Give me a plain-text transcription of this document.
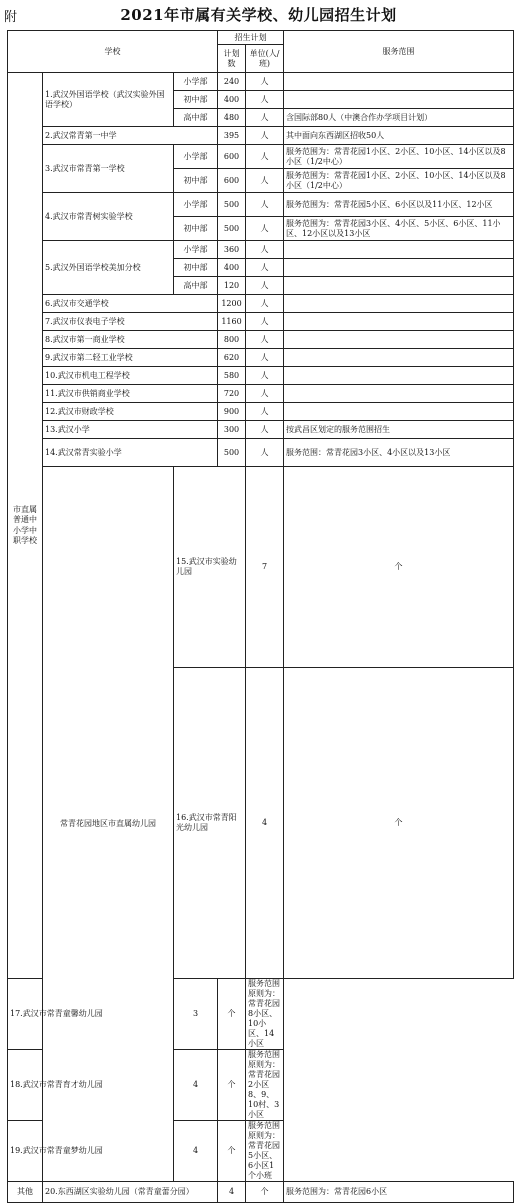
附	2021年市属有关学校、幼儿园招生计划
学校			招生计划		服务范围	
			计划数	单位(人/班)		
市直属普通中小学中职学校	1.武汉外国语学校（武汉实验外国语学校）	小学部	240	人		
		初中部	400	人		
		高中部	480	人	含国际部80人（中澳合作办学项目计划）	
	2.武汉常青第一中学		395	人	其中面向东西湖区招收50人	
	3.武汉市常青第一学校	小学部	600	人	服务范围为：常青花园1小区、2小区、10小区、14小区以及8小区（1/2中心）	
		初中部	600	人	服务范围为：常青花园1小区、2小区、10小区、14小区以及8小区（1/2中心）	
	4.武汉市常青树实验学校	小学部	500	人	服务范围为：常青花园5小区、6小区以及11小区、12小区	
		初中部	500	人	服务范围为：常青花园3小区、4小区、5小区、6小区、11小区、12小区以及13小区	
	5.武汉外国语学校美加分校	小学部	360	人		
		初中部	400	人		
		高中部	120	人		
	6.武汉市交通学校		1200	人		
	7.武汉市仪表电子学校		1160	人		
	8.武汉市第一商业学校		800	人		
	9.武汉市第二轻工业学校		620	人		
	10.武汉市机电工程学校		580	人		
	11.武汉市供销商业学校		720	人		
	12.武汉市财政学校		900	人		
	13.武汉小学		300	人	按武昌区划定的服务范围招生	
	14.武汉常青实验小学		500	人	服务范围：常青花园3小区、4小区以及13小区	
	常青花园地区市直属幼儿园	15.武汉市实验幼儿园		7	个	
		16.武汉市常青阳光幼儿园		4	个	
17.武汉市常青童馨幼儿园		3	个	服务范围原则为：常青花园8小区、10小区、14小区		
18.武汉市常青育才幼儿园		4	个	服务范围原则为：常青花园2小区8、9、10村、3小区		
19.武汉市常青童梦幼儿园		4	个	服务范围原则为：常青花园5小区、6小区1个小班		
其他	20.东西湖区实验幼儿园（常青童蕾分园）		4	个	服务范围为：常青花园6小区	
